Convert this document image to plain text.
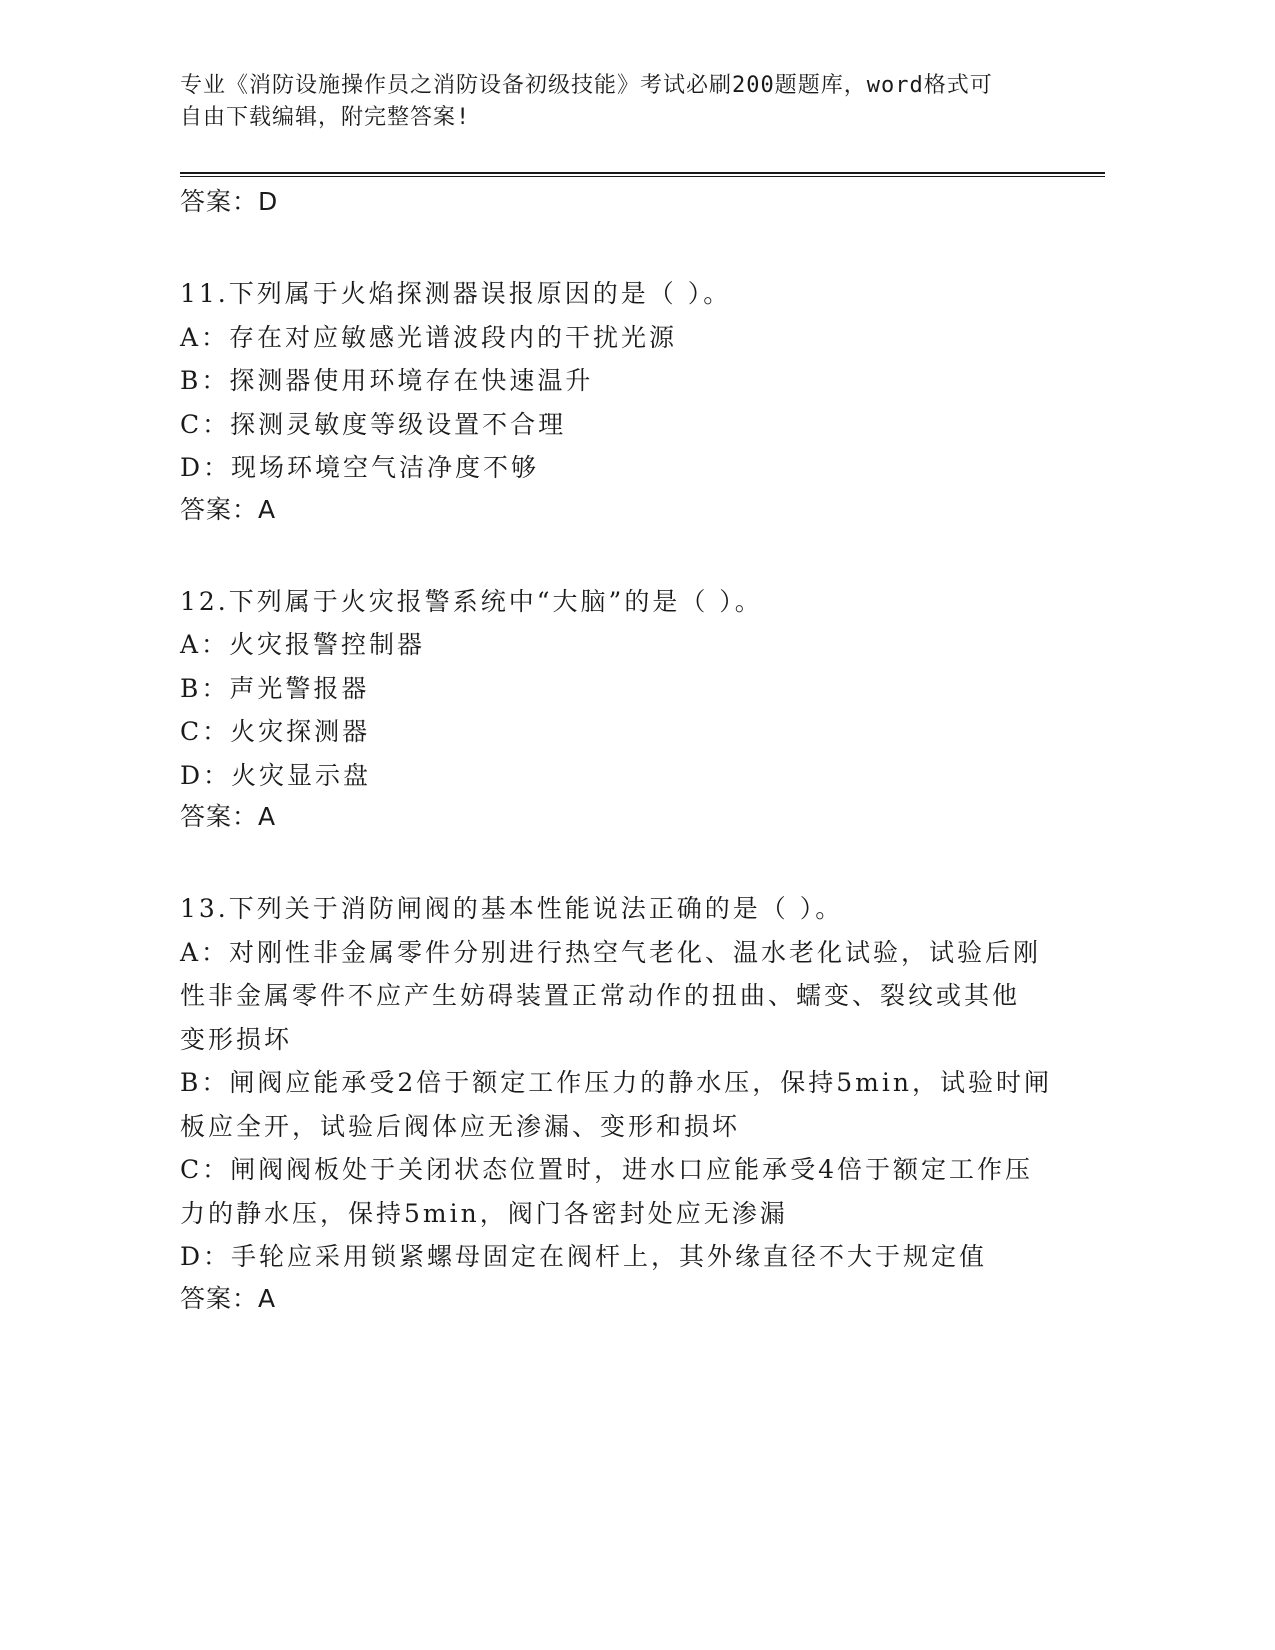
专业《消防设施操作员之消防设备初级技能》考试必刷200题题库，word格式可
自由下载编辑，附完整答案!
答案：D
11.下列属于火焰探测器误报原因的是（ ）。
A：存在对应敏感光谱波段内的干扰光源
B：探测器使用环境存在快速温升
C：探测灵敏度等级设置不合理
D：现场环境空气洁净度不够
答案：A
12.下列属于火灾报警系统中“大脑”的是（ ）。
A：火灾报警控制器
B：声光警报器
C：火灾探测器
D：火灾显示盘
答案：A
13.下列关于消防闸阀的基本性能说法正确的是（ ）。
A：对刚性非金属零件分别进行热空气老化、温水老化试验，试验后刚
性非金属零件不应产生妨碍装置正常动作的扭曲、蠕变、裂纹或其他
变形损坏
B：闸阀应能承受2倍于额定工作压力的静水压，保持5min，试验时闸
板应全开，试验后阀体应无渗漏、变形和损坏
C：闸阀阀板处于关闭状态位置时，进水口应能承受4倍于额定工作压
力的静水压，保持5min，阀门各密封处应无渗漏
D：手轮应采用锁紧螺母固定在阀杆上，其外缘直径不大于规定值
答案：A
